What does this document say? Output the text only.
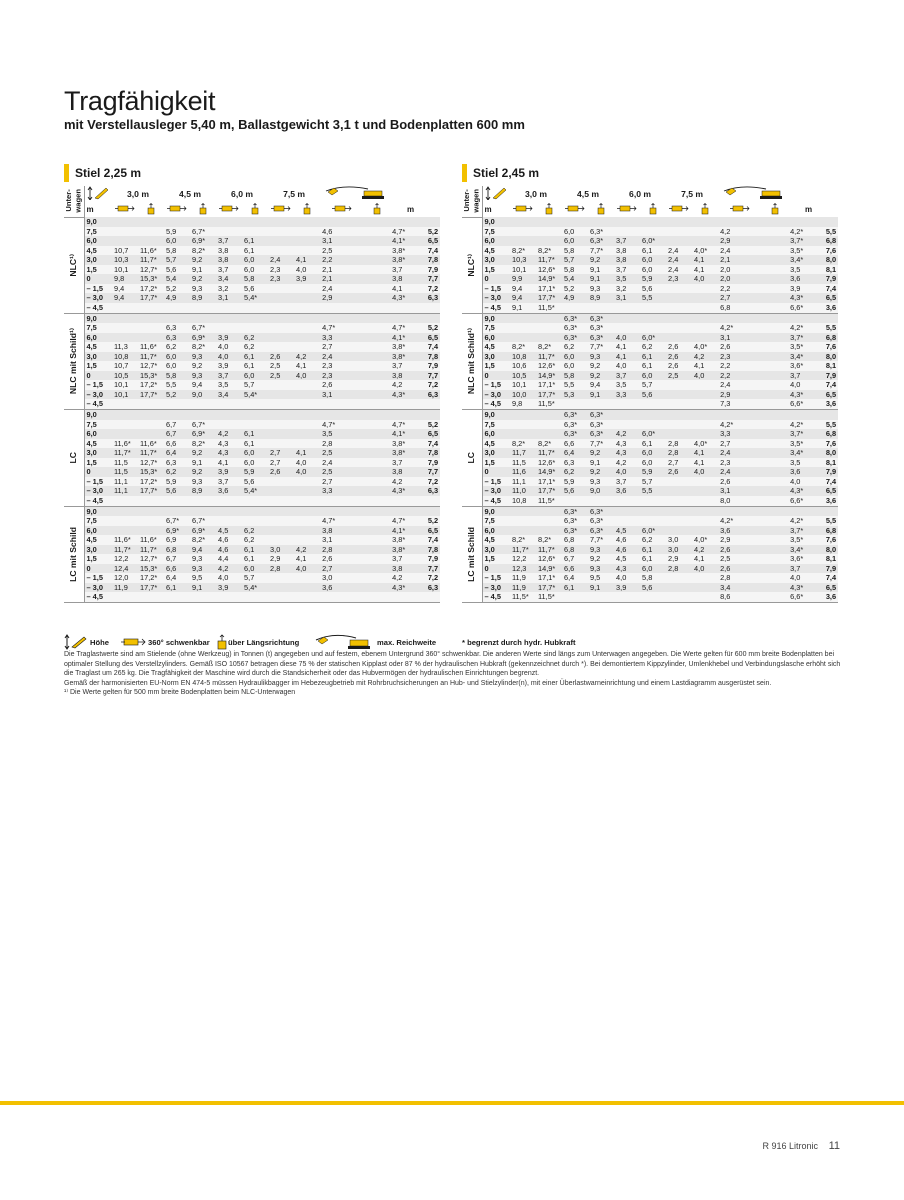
Tragfähigkeit
mit Verstellausleger 5,40 m, Ballastgewicht 3,1 t und Bodenplatten 600 mm
Stiel 2,25 m
Unter-
wagen		3,0 m		4,5 m		6,0 m		7,5 m	
	m											m	

NLC¹⁾	9,0												
	7,5			5,9	6,7*					4,6		4,7*	5,2
	6,0			6,0	6,9*	3,7	6,1			3,1		4,1*	6,5
	4,5	10,7	11,6*	5,8	8,2*	3,8	6,1			2,5		3,8*	7,4
	3,0	10,3	11,7*	5,7	9,2	3,8	6,0	2,4	4,1	2,2		3,8*	7,8
	1,5	10,1	12,7*	5,6	9,1	3,7	6,0	2,3	4,0	2,1		3,7	7,9
	0	9,8	15,3*	5,4	9,2	3,4	5,8	2,3	3,9	2,1		3,8	7,7
	– 1,5	9,4	17,2*	5,2	9,3	3,2	5,6			2,4		4,1	7,2
	– 3,0	9,4	17,7*	4,9	8,9	3,1	5,4*			2,9		4,3*	6,3
	– 4,5												

NLC mit Schild¹⁾	9,0												
	7,5			6,3	6,7*					4,7*		4,7*	5,2
	6,0			6,3	6,9*	3,9	6,2			3,3		4,1*	6,5
	4,5	11,3	11,6*	6,2	8,2*	4,0	6,2			2,7		3,8*	7,4
	3,0	10,8	11,7*	6,0	9,3	4,0	6,1	2,6	4,2	2,4		3,8*	7,8
	1,5	10,7	12,7*	6,0	9,2	3,9	6,1	2,5	4,1	2,3		3,7	7,9
	0	10,5	15,3*	5,8	9,3	3,7	6,0	2,5	4,0	2,3		3,8	7,7
	– 1,5	10,1	17,2*	5,5	9,4	3,5	5,7			2,6		4,2	7,2
	– 3,0	10,1	17,7*	5,2	9,0	3,4	5,4*			3,1		4,3*	6,3
	– 4,5												

LC	9,0												
	7,5			6,7	6,7*					4,7*		4,7*	5,2
	6,0			6,7	6,9*	4,2	6,1			3,5		4,1*	6,5
	4,5	11,6*	11,6*	6,6	8,2*	4,3	6,1			2,8		3,8*	7,4
	3,0	11,7*	11,7*	6,4	9,2	4,3	6,0	2,7	4,1	2,5		3,8*	7,8
	1,5	11,5	12,7*	6,3	9,1	4,1	6,0	2,7	4,0	2,4		3,7	7,9
	0	11,5	15,3*	6,2	9,2	3,9	5,9	2,6	4,0	2,5		3,8	7,7
	– 1,5	11,1	17,2*	5,9	9,3	3,7	5,6			2,7		4,2	7,2
	– 3,0	11,1	17,7*	5,6	8,9	3,6	5,4*			3,3		4,3*	6,3
	– 4,5												

LC mit Schild	9,0												
	7,5			6,7*	6,7*					4,7*		4,7*	5,2
	6,0			6,9*	6,9*	4,5	6,2			3,8		4,1*	6,5
	4,5	11,6*	11,6*	6,9	8,2*	4,6	6,2			3,1		3,8*	7,4
	3,0	11,7*	11,7*	6,8	9,4	4,6	6,1	3,0	4,2	2,8		3,8*	7,8
	1,5	12,2	12,7*	6,7	9,3	4,4	6,1	2,9	4,1	2,6		3,7	7,9
	0	12,4	15,3*	6,6	9,3	4,2	6,0	2,8	4,0	2,7		3,8	7,7
	– 1,5	12,0	17,2*	6,4	9,5	4,0	5,7			3,0		4,2	7,2
	– 3,0	11,9	17,7*	6,1	9,1	3,9	5,4*			3,6		4,3*	6,3
	– 4,5												
Stiel 2,45 m
Unter-
wagen		3,0 m		4,5 m		6,0 m		7,5 m	
	m											m	

NLC¹⁾	9,0												
	7,5			6,0	6,3*					4,2		4,2*	5,5
	6,0			6,0	6,3*	3,7	6,0*			2,9		3,7*	6,8
	4,5	8,2*	8,2*	5,8	7,7*	3,8	6,1	2,4	4,0*	2,4		3,5*	7,6
	3,0	10,3	11,7*	5,7	9,2	3,8	6,0	2,4	4,1	2,1		3,4*	8,0
	1,5	10,1	12,6*	5,8	9,1	3,7	6,0	2,4	4,1	2,0		3,5	8,1
	0	9,9	14,9*	5,4	9,1	3,5	5,9	2,3	4,0	2,0		3,6	7,9
	– 1,5	9,4	17,1*	5,2	9,3	3,2	5,6			2,2		3,9	7,4
	– 3,0	9,4	17,7*	4,9	8,9	3,1	5,5			2,7		4,3*	6,5
	– 4,5	9,1	11,5*							6,8		6,6*	3,6

NLC mit Schild¹⁾	9,0			6,3*	6,3*								
	7,5			6,3*	6,3*					4,2*		4,2*	5,5
	6,0			6,3*	6,3*	4,0	6,0*			3,1		3,7*	6,8
	4,5	8,2*	8,2*	6,2	7,7*	4,1	6,2	2,6	4,0*	2,6		3,5*	7,6
	3,0	10,8	11,7*	6,0	9,3	4,1	6,1	2,6	4,2	2,3		3,4*	8,0
	1,5	10,6	12,6*	6,0	9,2	4,0	6,1	2,6	4,1	2,2		3,6*	8,1
	0	10,5	14,9*	5,8	9,2	3,7	6,0	2,5	4,0	2,2		3,7	7,9
	– 1,5	10,1	17,1*	5,5	9,4	3,5	5,7			2,4		4,0	7,4
	– 3,0	10,0	17,7*	5,3	9,1	3,3	5,6			2,9		4,3*	6,5
	– 4,5	9,8	11,5*							7,3		6,6*	3,6

LC	9,0			6,3*	6,3*								
	7,5			6,3*	6,3*					4,2*		4,2*	5,5
	6,0			6,3*	6,3*	4,2	6,0*			3,3		3,7*	6,8
	4,5	8,2*	8,2*	6,6	7,7*	4,3	6,1	2,8	4,0*	2,7		3,5*	7,6
	3,0	11,7	11,7*	6,4	9,2	4,3	6,0	2,8	4,1	2,4		3,4*	8,0
	1,5	11,5	12,6*	6,3	9,1	4,2	6,0	2,7	4,1	2,3		3,5	8,1
	0	11,6	14,9*	6,2	9,2	4,0	5,9	2,6	4,0	2,4		3,6	7,9
	– 1,5	11,1	17,1*	5,9	9,3	3,7	5,7			2,6		4,0	7,4
	– 3,0	11,0	17,7*	5,6	9,0	3,6	5,5			3,1		4,3*	6,5
	– 4,5	10,8	11,5*							8,0		6,6*	3,6

LC mit Schild	9,0			6,3*	6,3*								
	7,5			6,3*	6,3*					4,2*		4,2*	5,5
	6,0			6,3*	6,3*	4,5	6,0*			3,6		3,7*	6,8
	4,5	8,2*	8,2*	6,8	7,7*	4,6	6,2	3,0	4,0*	2,9		3,5*	7,6
	3,0	11,7*	11,7*	6,8	9,3	4,6	6,1	3,0	4,2	2,6		3,4*	8,0
	1,5	12,2	12,6*	6,7	9,2	4,5	6,1	2,9	4,1	2,5		3,6*	8,1
	0	12,3	14,9*	6,6	9,3	4,3	6,0	2,8	4,0	2,6		3,7	7,9
	– 1,5	11,9	17,1*	6,4	9,5	4,0	5,8			2,8		4,0	7,4
	– 3,0	11,9	17,7*	6,1	9,1	3,9	5,6			3,4		4,3*	6,5
	– 4,5	11,5*	11,5*							8,6		6,6*	3,6
Höhe	360° schwenkbar über Längsrichtung	max. Reichweite	* begrenzt durch hydr. Hubkraft

Die Traglastwerte sind am Stielende (ohne Werkzeug) in Tonnen (t) angegeben und auf festem, ebenem Untergrund 360° schwenkbar. Die anderen Werte sind längs zum Unterwagen angegeben. Die Werte gelten für 600 mm breite Bodenplatten bei optimaler Stellung des Verstellzylinders. Gemäß ISO 10567 betragen diese 75 % der statischen Kipplast oder 87 % der hydraulischen Hubkraft (gekennzeichnet durch *). Bei demontiertem Kippzylinder, Umlenkhebel und Verbindungslasche erhöht sich die Traglast um 265 kg. Die Tragfähigkeit der Maschine wird durch die Standsicherheit oder das Hubvermögen der hydraulischen Einrichtungen begrenzt.

Gemäß der harmonisierten EU-Norm EN 474-5 müssen Hydraulikbagger im Hebezeugbetrieb mit Rohrbruchsicherungen an Hub- und Stielzylinder(n), mit einer Überlastwarneinrichtung und einem Lastdiagramm ausgerüstet sein.

¹⁾ Die Werte gelten für 500 mm breite Bodenplatten beim NLC-Unterwagen

R 916 Litronic 11
